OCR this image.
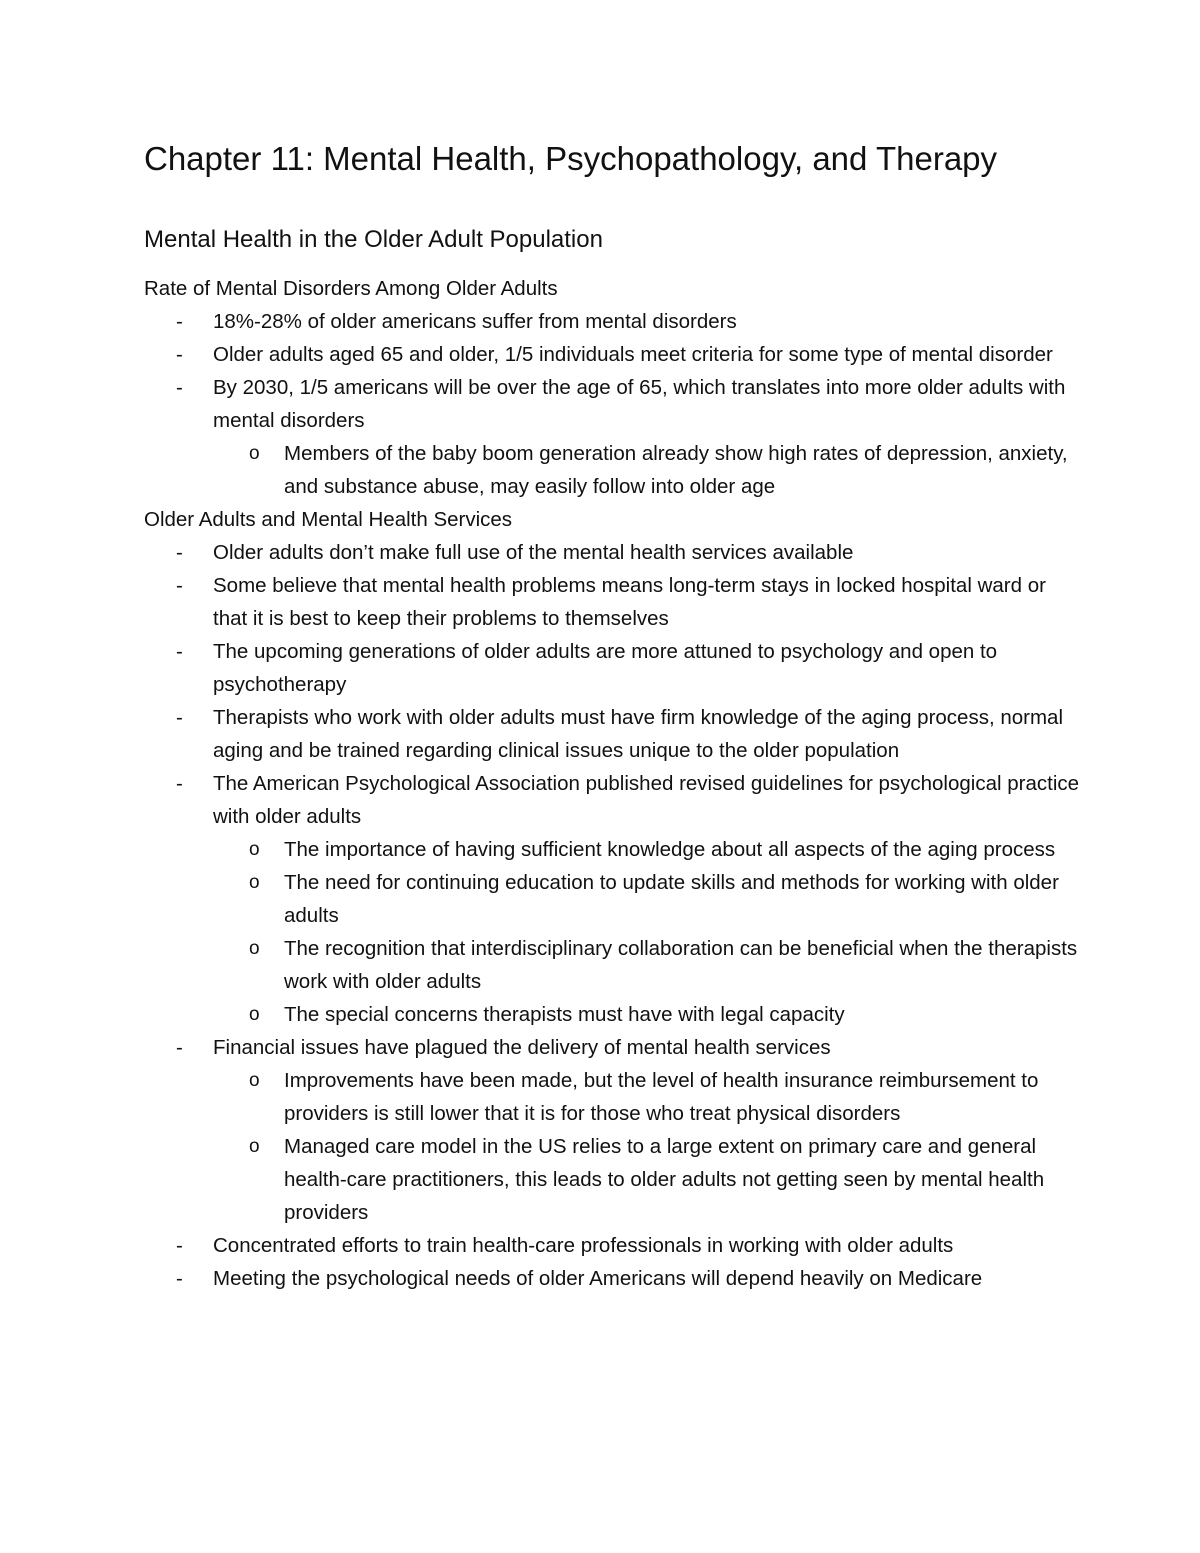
Chapter 11: Mental Health, Psychopathology, and Therapy
Mental Health in the Older Adult Population
Rate of Mental Disorders Among Older Adults
- 18%-28% of older americans suffer from mental disorders
- Older adults aged 65 and older, 1/5 individuals meet criteria for some type of mental disorder
- By 2030, 1/5 americans will be over the age of 65, which translates into more older adults with mental disorders
o Members of the baby boom generation already show high rates of depression, anxiety, and substance abuse, may easily follow into older age
Older Adults and Mental Health Services
- Older adults don’t make full use of the mental health services available
- Some believe that mental health problems means long-term stays in locked hospital ward or that it is best to keep their problems to themselves
- The upcoming generations of older adults are more attuned to psychology and open to psychotherapy
- Therapists who work with older adults must have firm knowledge of the aging process, normal aging and be trained regarding clinical issues unique to the older population
- The American Psychological Association published revised guidelines for psychological practice with older adults
o The importance of having sufficient knowledge about all aspects of the aging process
o The need for continuing education to update skills and methods for working with older adults
o The recognition that interdisciplinary collaboration can be beneficial when the therapists work with older adults
o The special concerns therapists must have with legal capacity
- Financial issues have plagued the delivery of mental health services
o Improvements have been made, but the level of health insurance reimbursement to providers is still lower that it is for those who treat physical disorders
o Managed care model in the US relies to a large extent on primary care and general health-care practitioners, this leads to older adults not getting seen by mental health providers
- Concentrated efforts to train health-care professionals in working with older adults
- Meeting the psychological needs of older Americans will depend heavily on Medicare
